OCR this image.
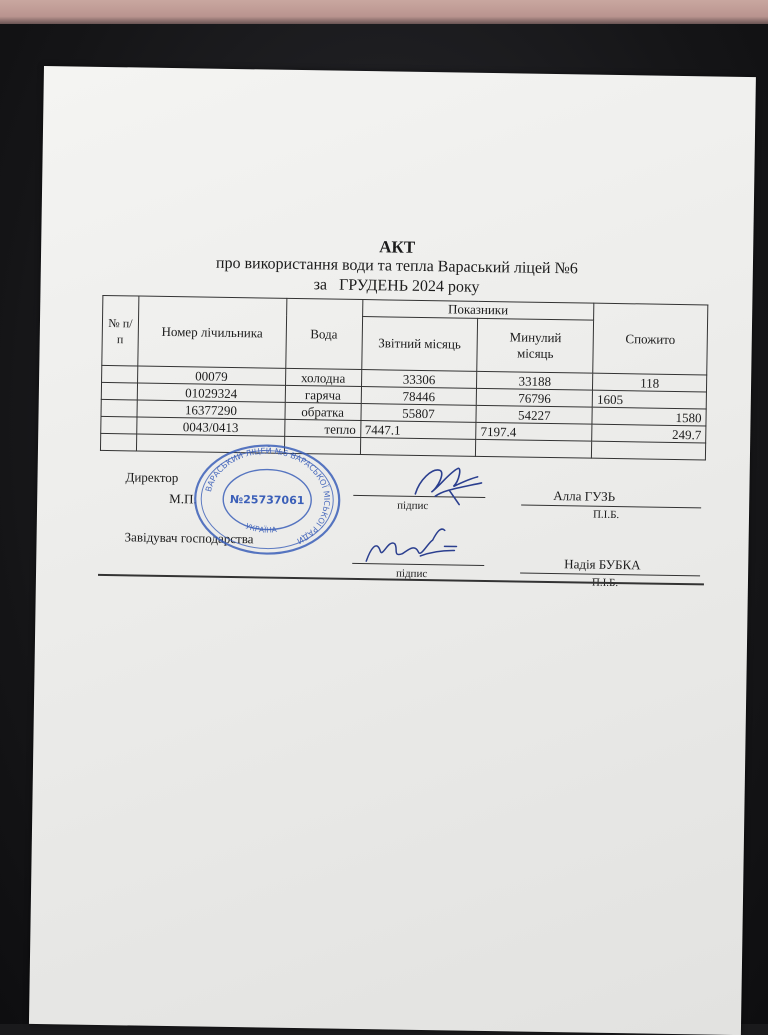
АКТ
про використання води та тепла Вараський ліцей №6
за   ГРУДЕНЬ 2024 року
№ п/ п	Номер лічильника	Вода	Показники		Спожито
			Звітний місяць	Минулий місяць	
	00079	холодна	33306	33188	118
	01029324	гаряча	78446	76796	1605
	16377290	обратка	55807	54227	1580
	0043/0413	тепло	7447.1	7197.4	249.7

Директор
М.П.	підпис
Алла ГУЗЬ
П.І.Б.
Завідувач господарства
підпис
Надія БУБКА
П.І.Б.
ВАРАСЬКИЙ ЛІЦЕЙ №6 ВАРАСЬКОЇ МІСЬКОЇ РАДИ
УКРАЇНА
№25737061
